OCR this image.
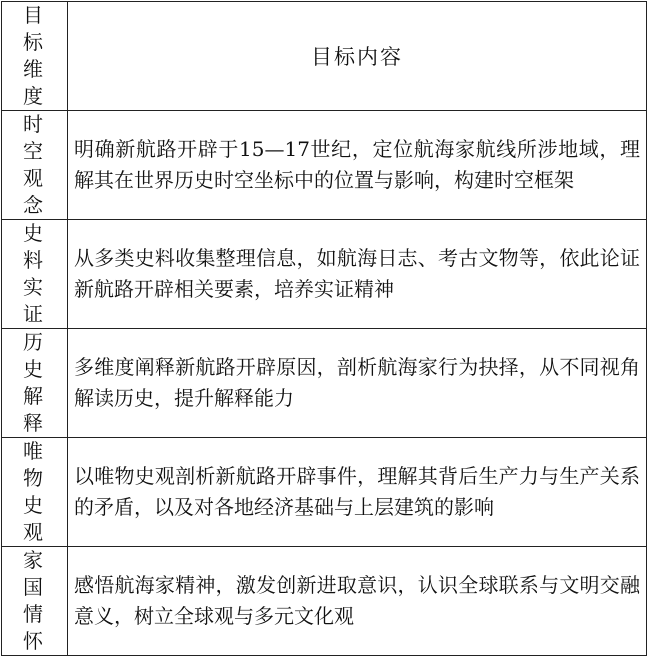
目标维度	目标内容
时空观念	明确新航路开辟于15—17世纪，定位航海家航线所涉地域，理解其在世界历史时空坐标中的位置与影响，构建时空框架
史料实证	从多类史料收集整理信息，如航海日志、考古文物等，依此论证新航路开辟相关要素，培养实证精神
历史解释	多维度阐释新航路开辟原因，剖析航海家行为抉择，从不同视角解读历史，提升解释能力
唯物史观	以唯物史观剖析新航路开辟事件，理解其背后生产力与生产关系的矛盾，以及对各地经济基础与上层建筑的影响
家国情怀	感悟航海家精神，激发创新进取意识，认识全球联系与文明交融意义，树立全球观与多元文化观
